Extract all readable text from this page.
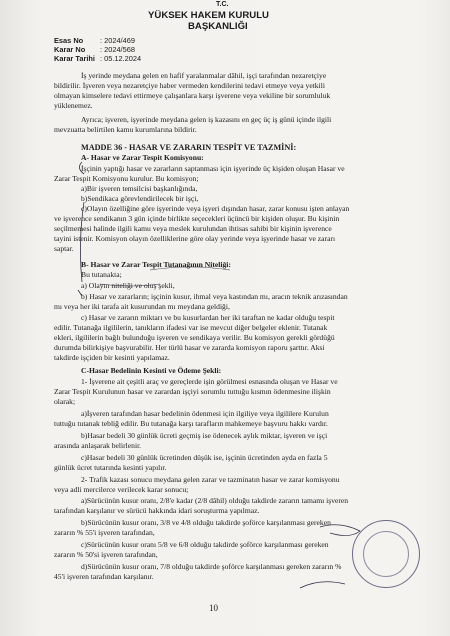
T.C.
YÜKSEK HAKEM KURULU
BAŞKANLIĞI
Esas No : 2024/469
Karar No : 2024/568
Karar Tarihi : 05.12.2024
İş yerinde meydana gelen en hafif yaralanmalar dâhil, işçi tarafından nezaretçiye
bildirilir. İşveren veya nezaretçiye haber vermeden kendilerini tedavi etmeye veya yetkili
olmayan kimselere tedavi ettirmeye çalışanlara karşı işverene veya vekiline bir sorumluluk
yüklenemez.
Ayrıca; işveren, işyerinde meydana gelen iş kazasını en geç üç iş günü içinde ilgili
mevzuatta belirtilen kamu kurumlarına bildirir.
MADDE 36 - HASAR VE ZARARIN TESPİT VE TAZMİNİ:
A- Hasar ve Zarar Tespit Komisyonu:
İşçinin yaptığı hasar ve zararların saptanması için işyerinde üç kişiden oluşan Hasar ve
Zarar Tespit Komisyonu kurulur. Bu komisyon;
a)Bir işveren temsilcisi başkanlığında,
b)Sendikaca görevlendirilecek bir işçi,
c)Olayın özelliğine göre işyerinde veya işyeri dışından hasar, zarar konusu işten anlayan
ve işverence sendikanın 3 gün içinde birlikte seçecekleri üçüncü bir kişiden oluşur. Bu kişinin
seçilmemesi halinde ilgili kamu veya meslek kurulundan ihtisas sahibi bir kişinin işverence
tayini istenir. Komisyon olayın özelliklerine göre olay yerinde veya işyerinde hasar ve zararı
saptar.
B- Hasar ve Zarar Tespit Tutanağının Niteliği:
Bu tutanakta;
a) Olayın niteliği ve oluş şekli,
b) Hasar ve zararların; işçinin kusur, ihmal veya kastından mı, aracın teknik arızasından
mı veya her iki tarafa ait kusurundan mı meydana geldiği,
c) Hasar ve zararın miktarı ve bu kusurlardan her iki taraftan ne kadar olduğu tespit
edilir. Tutanağa ilgililerin, tanıkların ifadesi var ise mevcut diğer belgeler eklenir. Tutanak
ekleri, ilgililerin bağlı bulunduğu işveren ve sendikaya verilir. Bu komisyon gerekli gördüğü
durumda bilirkişiye başvurabilir. Her türlü hasar ve zararda komisyon raporu şarttır. Aksi
takdirde işçiden bir kesinti yapılamaz.
C-Hasar Bedelinin Kesinti ve Ödeme Şekli:
1- İşverene ait çeşitli araç ve gereçlerde işin görülmesi esnasında oluşan ve Hasar ve
Zarar Tespit Kurulunun hasar ve zarardan işçiyi sorumlu tuttuğu kısmın ödenmesine ilişkin
olarak;
a)İşveren tarafından hasar bedelinin ödenmesi için ilgiliye veya ilgililere Kurulun
tuttuğu tutanak tebliğ edilir. Bu tutanağa karşı tarafların mahkemeye başvuru hakkı vardır.
b)Hasar bedeli 30 günlük ücreti geçmiş ise ödenecek aylık miktar, işveren ve işçi
arasında anlaşarak belirlenir.
c)Hasar bedeli 30 günlük ücretinden düşük ise, işçinin ücretinden ayda en fazla 5
günlük ücret tutarında kesinti yapılır.
2- Trafik kazası sonucu meydana gelen zarar ve tazminatın hasar ve zarar komisyonu
veya adli mercilerce verilecek karar sonucu;
a)Sürücünün kusur oranı, 2/8'e kadar (2/8 dâhil) olduğu takdirde zararın tamamı işveren
tarafından karşılanır ve sürücü hakkında idari soruşturma yapılmaz.
b)Sürücünün kusur oranı, 3/8 ve 4/8 olduğu takdirde şoförce karşılanması gereken
zararın % 55'i işveren tarafından,
c)Sürücünün kusur oranı 5/8 ve 6/8 olduğu takdirde şoförce karşılanması gereken
zararın % 50'si işveren tarafından,
d)Sürücünün kusur oranı, 7/8 olduğu takdirde şoförce karşılanması gereken zararın %
45'i işveren tarafından karşılanır.
10
